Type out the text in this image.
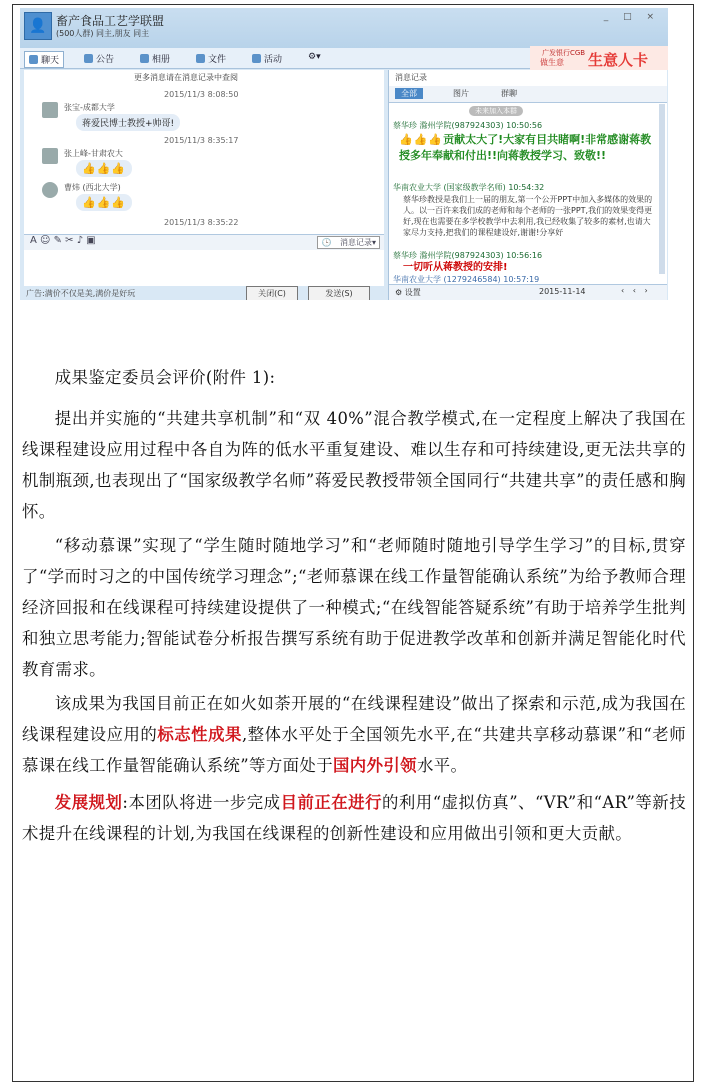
👤 畜产食品工艺学联盟
(500人群) 同主,朋友 同主
_ □ ×
聊天	公告	相册	文件	活动	⚙▾	广发银行CGB
做生意 生意人卡
更多消息请在消息记录中查阅
2015/11/3 8:08:50
张宝-成都大学
蒋爱民博士教授+帅哥!
2015/11/3 8:35:17
张上峰-甘肃农大
👍👍👍
曹炜 (西北大学)
👍👍👍
2015/11/3 8:35:22
A ☺ ✎ ✂ ♪ ▣	🕒 消息记录▾
广告:满价不仅是美,满价是好玩	关闭(C)	发送(S)
消息记录
全部	图片	群聊
未来加入本群
蔡华珍 滁州学院(987924303) 10:50:56
👍👍👍贡献太大了!大家有目共睹啊!非常感谢蒋教授多年奉献和付出!!向蒋教授学习、致敬!!
华南农业大学 (国家级教学名师) 10:54:32
蔡华珍教授是我们上一届的朋友,第一个公开PPT中加入多媒体的效果的人。以一百许来我们成的老师和每个老师的一张PPT,我们的效果变得更好,现在也需要在多学校教学中去利用,我已经收集了较多的素材,也请大家尽力支持,把我们的课程建设好,谢谢!分享好
蔡华珍 滁州学院(987924303) 10:56:16
一切听从蒋教授的安排!
华南农业大学 (1279246584) 10:57:19
⚙ 设置	2015-11-14	‹ ‹ ›

成果鉴定委员会评价(附件 1):

提出并实施的“共建共享机制”和“双 40%”混合教学模式,在一定程度上解决了我国在线课程建设应用过程中各自为阵的低水平重复建设、难以生存和可持续建设,更无法共享的机制瓶颈,也表现出了“国家级教学名师”蒋爱民教授带领全国同行“共建共享”的责任感和胸怀。

“移动慕课”实现了“学生随时随地学习”和“老师随时随地引导学生学习”的目标,贯穿了“学而时习之的中国传统学习理念”;“老师慕课在线工作量智能确认系统”为给予教师合理经济回报和在线课程可持续建设提供了一种模式;“在线智能答疑系统”有助于培养学生批判和独立思考能力;智能试卷分析报告撰写系统有助于促进教学改革和创新并满足智能化时代教育需求。

该成果为我国目前正在如火如荼开展的“在线课程建设”做出了探索和示范,成为我国在线课程建设应用的标志性成果,整体水平处于全国领先水平,在“共建共享移动慕课”和“老师慕课在线工作量智能确认系统”等方面处于国内外引领水平。

发展规划:本团队将进一步完成目前正在进行的利用“虚拟仿真”、“VR”和“AR”等新技术提升在线课程的计划,为我国在线课程的创新性建设和应用做出引领和更大贡献。
